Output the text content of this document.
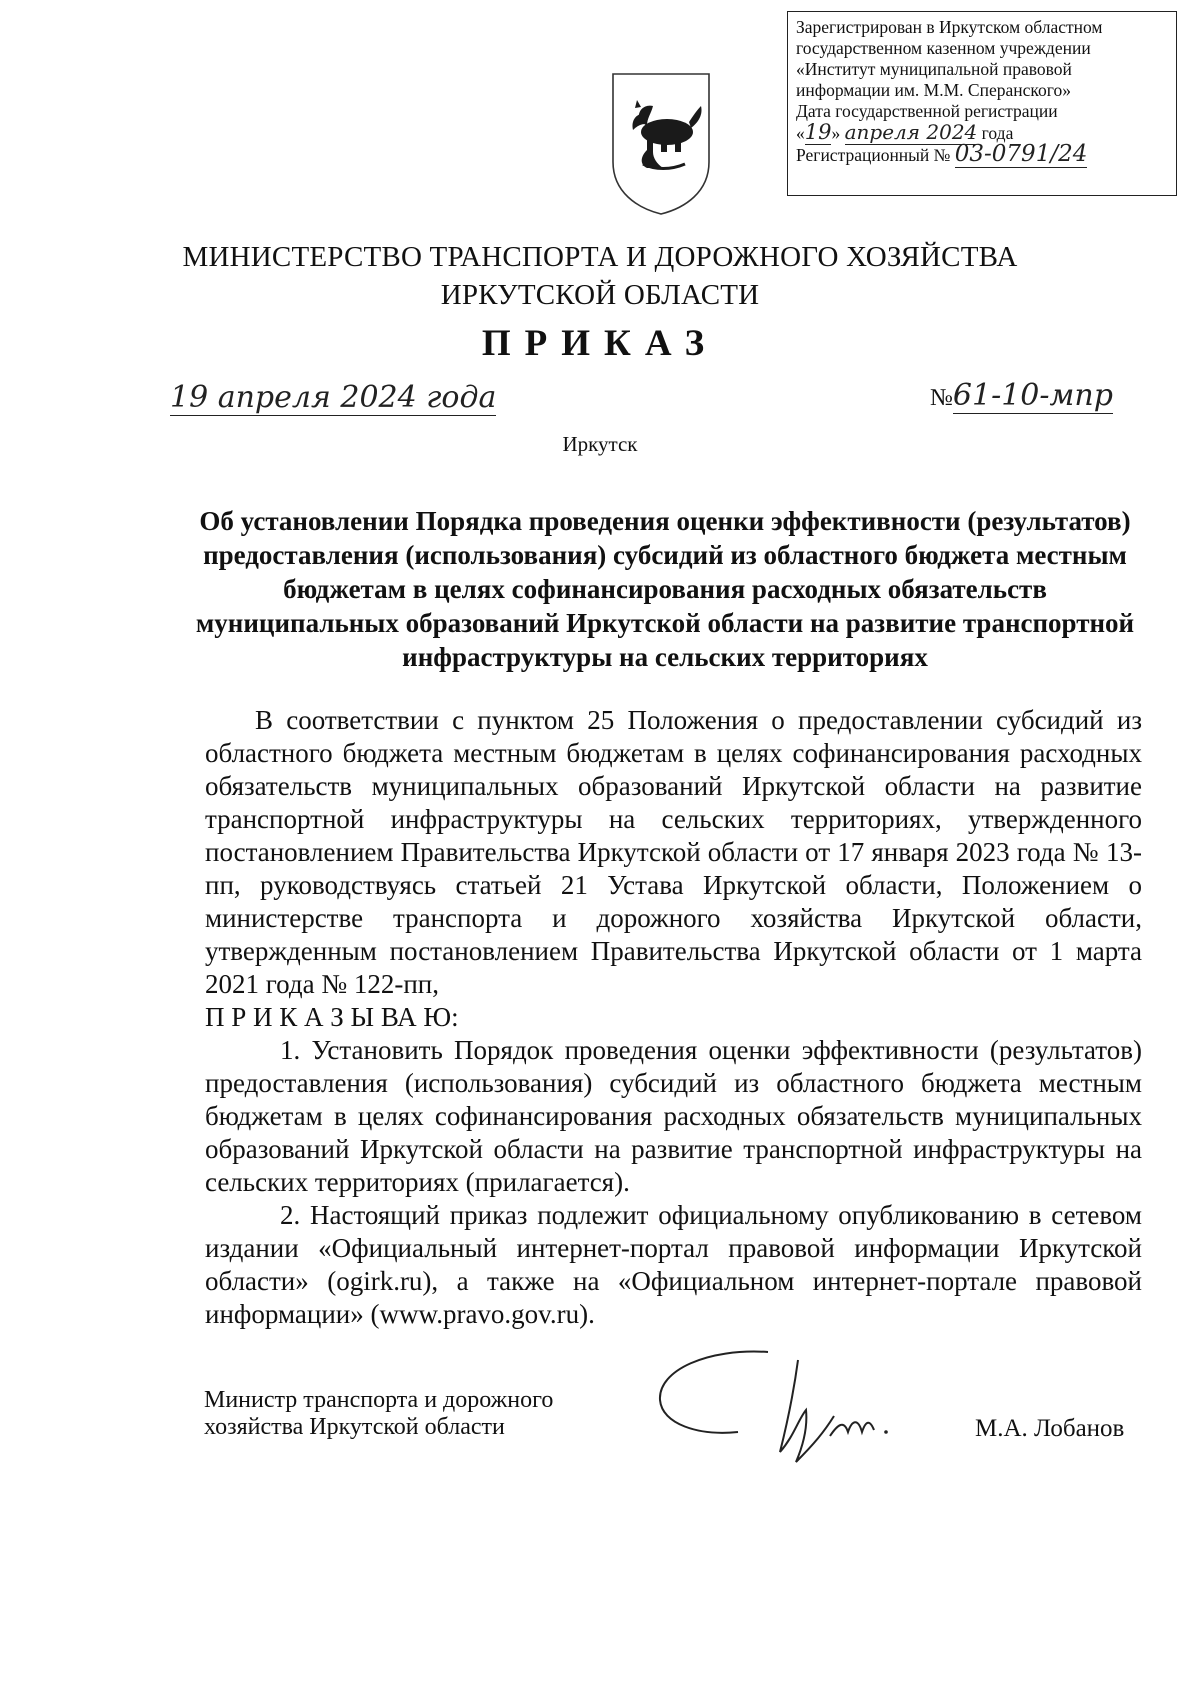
Зарегистрирован в Иркутском областном
государственном казенном учреждении
«Институт муниципальной правовой
информации им. М.М. Сперанского»
Дата государственной регистрации
«19» апреля 2024 года
Регистрационный № 03-0791/24
МИНИСТЕРСТВО ТРАНСПОРТА И ДОРОЖНОГО ХОЗЯЙСТВА
ИРКУТСКОЙ ОБЛАСТИ
ПРИКАЗ
19 апреля 2024 года	№61-10-мпр
Иркутск
Об установлении Порядка проведения оценки эффективности (результатов) предоставления (использования) субсидий из областного бюджета местным бюджетам в целях софинансирования расходных обязательств муниципальных образований Иркутской области на развитие транспортной инфраструктуры на сельских территориях

В соответствии с пунктом 25 Положения о предоставлении субсидий из областного бюджета местным бюджетам в целях софинансирования расходных обязательств муниципальных образований Иркутской области на развитие транспортной инфраструктуры на сельских территориях, утвержденного постановлением Правительства Иркутской области от 17 января 2023 года № 13-пп, руководствуясь статьей 21 Устава Иркутской области, Положением о министерстве транспорта и дорожного хозяйства Иркутской области, утвержденным постановлением Правительства Иркутской области от 1 марта 2021 года № 122-пп,

П Р И К А З Ы ВА Ю:

1. Установить Порядок проведения оценки эффективности (результатов) предоставления (использования) субсидий из областного бюджета местным бюджетам в целях софинансирования расходных обязательств муниципальных образований Иркутской области на развитие транспортной инфраструктуры на сельских территориях (прилагается).

2. Настоящий приказ подлежит официальному опубликованию в сетевом издании «Официальный интернет-портал правовой информации Иркутской области» (ogirk.ru), а также на «Официальном интернет-портале правовой информации» (www.pravo.gov.ru).

Министр транспорта и дорожного
хозяйства Иркутской области	М.А. Лобанов
